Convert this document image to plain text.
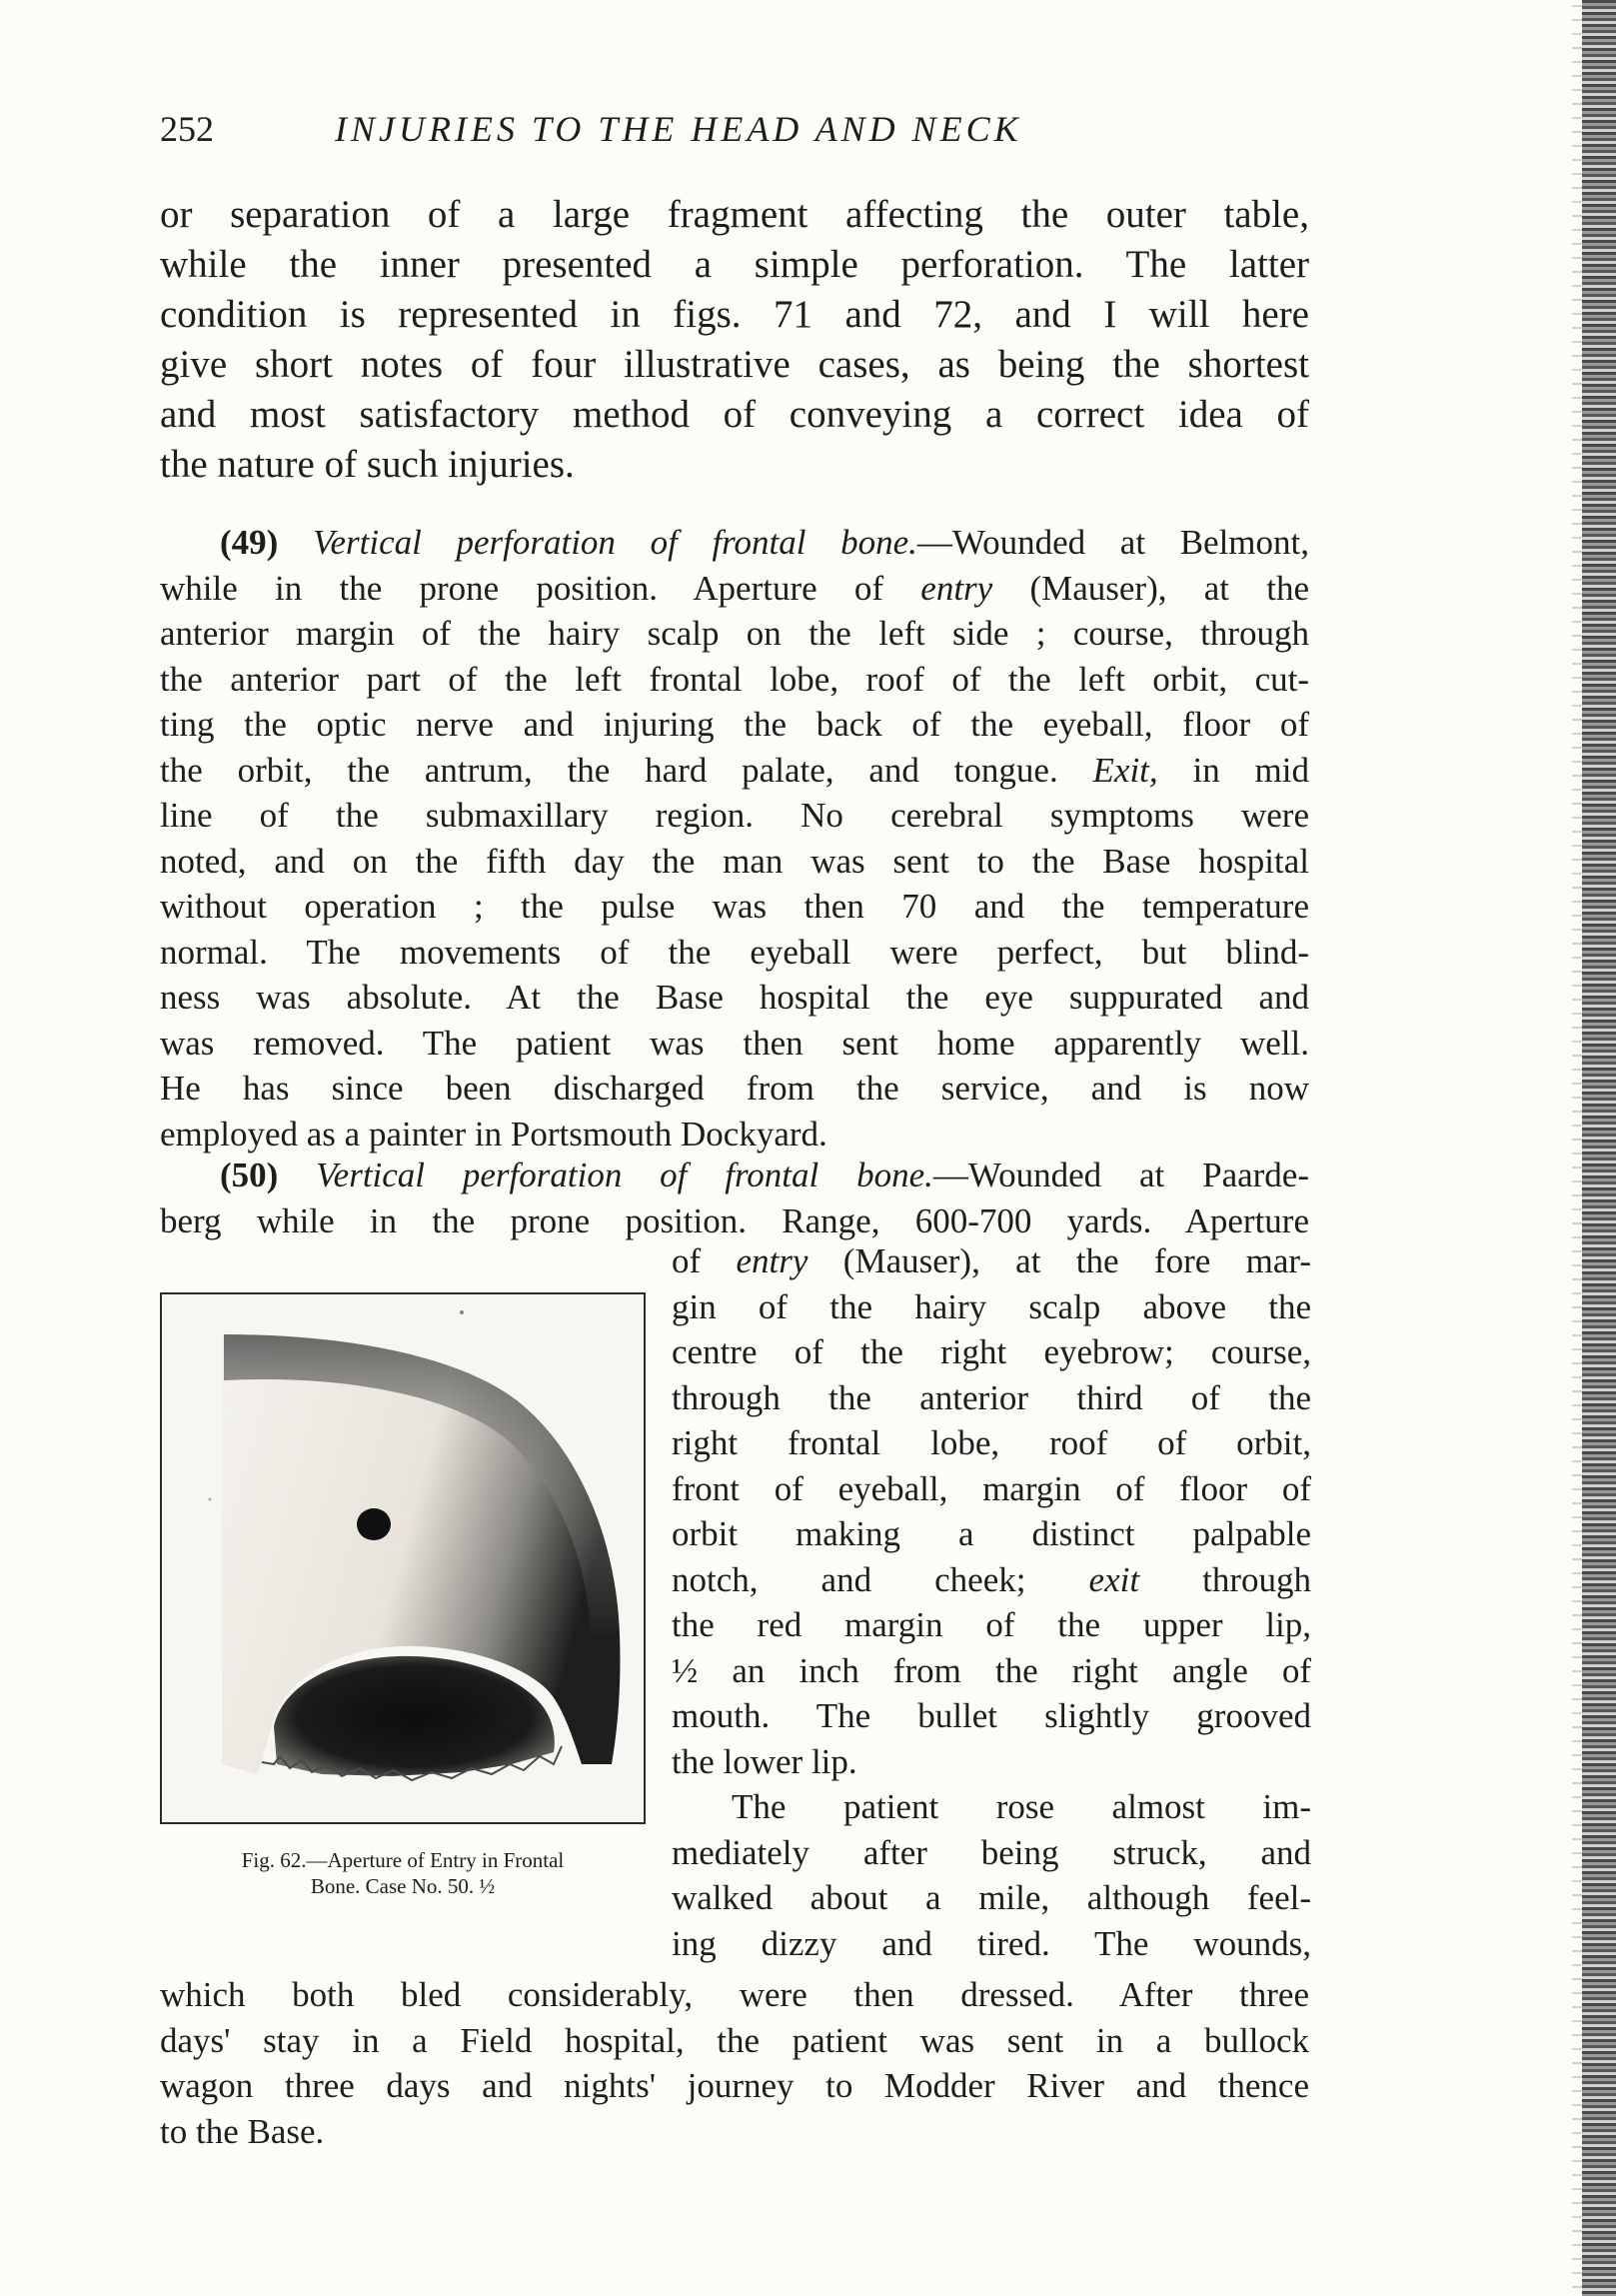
252	INJURIES TO THE HEAD AND NECK
or separation of a large fragment affecting the outer table,
while the inner presented a simple perforation. The latter
condition is represented in figs. 71 and 72, and I will here
give short notes of four illustrative cases, as being the shortest
and most satisfactory method of conveying a correct idea of
the nature of such injuries.
(49) Vertical perforation of frontal bone.—Wounded at Belmont,
while in the prone position. Aperture of entry (Mauser), at the
anterior margin of the hairy scalp on the left side ; course, through
the anterior part of the left frontal lobe, roof of the left orbit, cut-
ting the optic nerve and injuring the back of the eyeball, floor of
the orbit, the antrum, the hard palate, and tongue. Exit, in mid
line of the submaxillary region. No cerebral symptoms were
noted, and on the fifth day the man was sent to the Base hospital
without operation ; the pulse was then 70 and the temperature
normal. The movements of the eyeball were perfect, but blind-
ness was absolute. At the Base hospital the eye suppurated and
was removed. The patient was then sent home apparently well.
He has since been discharged from the service, and is now
employed as a painter in Portsmouth Dockyard.
(50) Vertical perforation of frontal bone.—Wounded at Paarde-
berg while in the prone position. Range, 600-700 yards. Aperture
of entry (Mauser), at the fore mar-
gin of the hairy scalp above the
centre of the right eyebrow; course,
through the anterior third of the
right frontal lobe, roof of orbit,
front of eyeball, margin of floor of
orbit making a distinct palpable
notch, and cheek; exit through
the red margin of the upper lip,
½ an inch from the right angle of
mouth. The bullet slightly grooved
the lower lip.
The patient rose almost im-
mediately after being struck, and
walked about a mile, although feel-
ing dizzy and tired. The wounds,
Fig. 62.—Aperture of Entry in Frontal
Bone. Case No. 50. ½
which both bled considerably, were then dressed. After three
days' stay in a Field hospital, the patient was sent in a bullock
wagon three days and nights' journey to Modder River and thence
to the Base.
